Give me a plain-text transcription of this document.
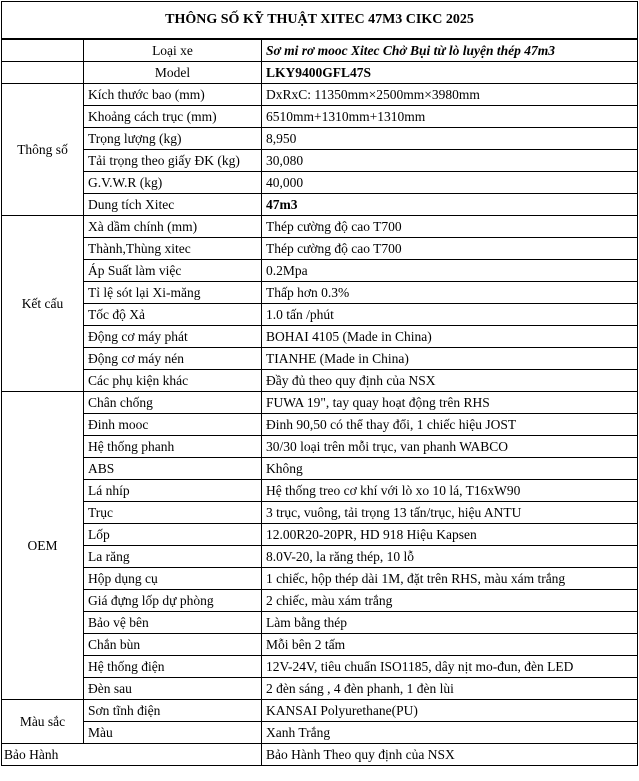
THÔNG SỐ KỸ THUẬT XITEC 47M3 CIKC 2025		
	Loại xe	Sơ mi rơ mooc Xitec Chở Bụi từ lò luyện thép 47m3
	Model	LKY9400GFL47S
Thông số	Kích thước bao (mm)	DxRxC: 11350mm×2500mm×3980mm
	Khoảng cách trục (mm)	6510mm+1310mm+1310mm
	Trọng lượng (kg)	8,950
	Tải trọng theo giấy ĐK (kg)	30,080
	G.V.W.R (kg)	40,000
	Dung tích Xitec	47m3
Kết cấu	Xà dầm chính (mm)	Thép cường độ cao T700
	Thành,Thùng xitec	Thép cường độ cao T700
	Áp Suất làm việc	0.2Mpa
	Tỉ lệ sót lại Xi-măng	Thấp hơn 0.3%
	Tốc độ Xả	1.0 tấn /phút
	Động cơ máy phát	BOHAI 4105 (Made in China)
	Động cơ máy nén	TIANHE (Made in China)
	Các phụ kiện khác	Đầy đủ theo quy định của NSX
OEM	Chân chống	FUWA 19", tay quay hoạt động trên RHS
	Đinh mooc	Đinh 90,50 có thể thay đổi, 1 chiếc hiệu JOST
	Hệ thống phanh	30/30 loại trên mỗi trục, van phanh WABCO
	ABS	Không
	Lá nhíp	Hệ thống treo cơ khí với lò xo 10 lá, T16xW90
	Trục	3 trục, vuông, tải trọng 13 tấn/trục, hiệu ANTU
	Lốp	12.00R20-20PR, HD 918 Hiệu Kapsen
	La răng	8.0V-20, la răng thép, 10 lỗ
	Hộp dụng cụ	1 chiếc, hộp thép dài 1M, đặt trên RHS, màu xám trắng
	Giá đựng lốp dự phòng	2 chiếc, màu xám trắng
	Bảo vệ bên	Làm bằng thép
	Chắn bùn	Mỗi bên 2 tấm
	Hệ thống điện	12V-24V, tiêu chuẩn ISO1185, dây nịt mo-đun, đèn LED
	Đèn sau	2 đèn sáng , 4 đèn phanh, 1 đèn lùi
Màu sắc	Sơn tĩnh điện	KANSAI Polyurethane(PU)
	Màu	Xanh Trắng
Bảo Hành		Bảo Hành Theo quy định của NSX
